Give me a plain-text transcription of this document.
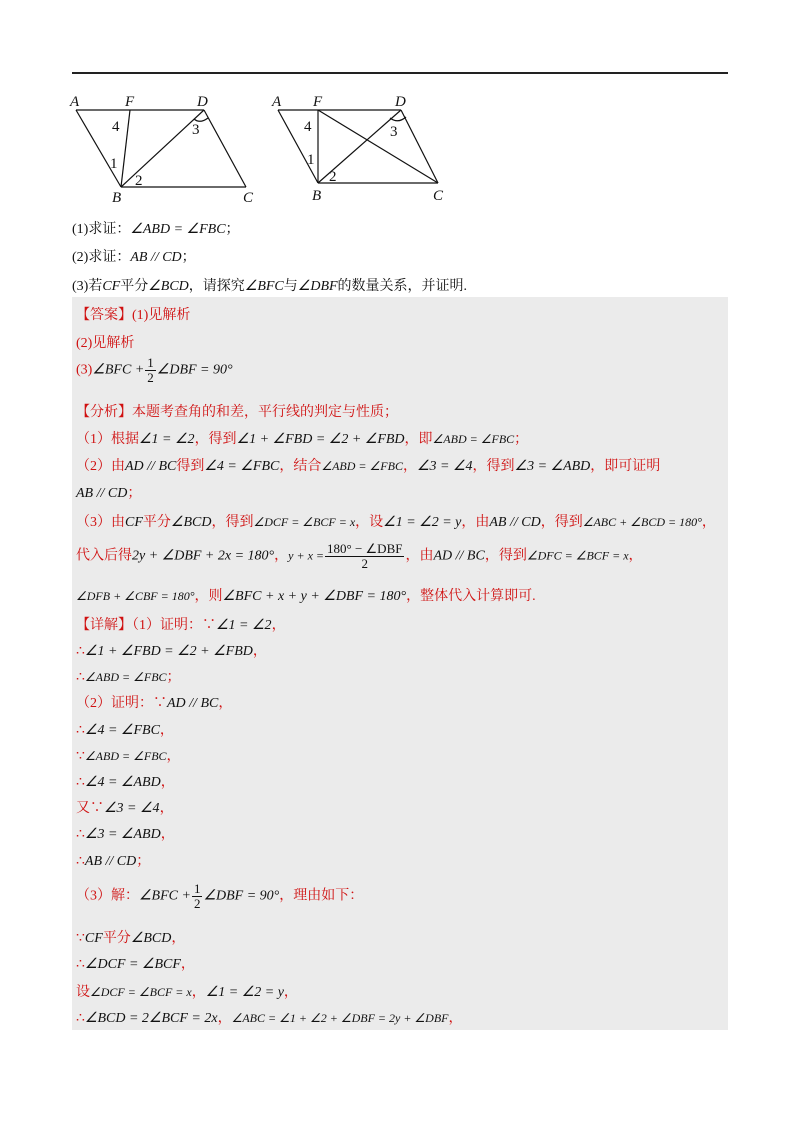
A	F	D
B	C
4
1
2
3
A F	D
B	C
4
1
2
3
(1)求证：∠ABD = ∠FBC；
(2)求证：AB // CD；
(3)若CF平分∠BCD，请探究∠BFC与∠DBF的数量关系，并证明.
【答案】(1)见解析
(2)见解析
(3)∠BFC + $\frac{1}{2}$ ∠DBF = 90°
【分析】本题考查角的和差，平行线的判定与性质；
（1）根据∠1 = ∠2，得到∠1 + ∠FBD = ∠2 + ∠FBD，即∠ABD = ∠FBC；
（2）由AD // BC得到∠4 = ∠FBC，结合∠ABD = ∠FBC，∠3 = ∠4，得到∠3 = ∠ABD，即可证明
AB // CD；
（3）由CF平分∠BCD，得到∠DCF = ∠BCF = x，设∠1 = ∠2 = y，由AB // CD，得到∠ABC + ∠BCD = 180°，
代入后得2y + ∠DBF + 2x = 180°，$y + x = \frac{\text{180° − ∠DBF}}{2}$ ，由AD // BC，得到∠DFC = ∠BCF = x，
∠DFB + ∠CBF = 180°，则∠BFC + x + y + ∠DBF = 180°，整体代入计算即可.
【详解】（1）证明：∵∠1 = ∠2，
∴∠1 + ∠FBD = ∠2 + ∠FBD，
∴∠ABD = ∠FBC；
（2）证明：∵AD // BC，
∴∠4 = ∠FBC，
∵∠ABD = ∠FBC，
∴∠4 = ∠ABD，
又∵∠3 = ∠4，
∴∠3 = ∠ABD，
∴AB // CD；
（3）解：∠BFC + $\frac{1}{2}$ ∠DBF = 90°，理由如下：
∵CF平分∠BCD，
∴∠DCF = ∠BCF，
设∠DCF = ∠BCF = x，∠1 = ∠2 = y，
∴∠BCD = 2∠BCF = 2x，∠ABC = ∠1 + ∠2 + ∠DBF = 2y + ∠DBF，
